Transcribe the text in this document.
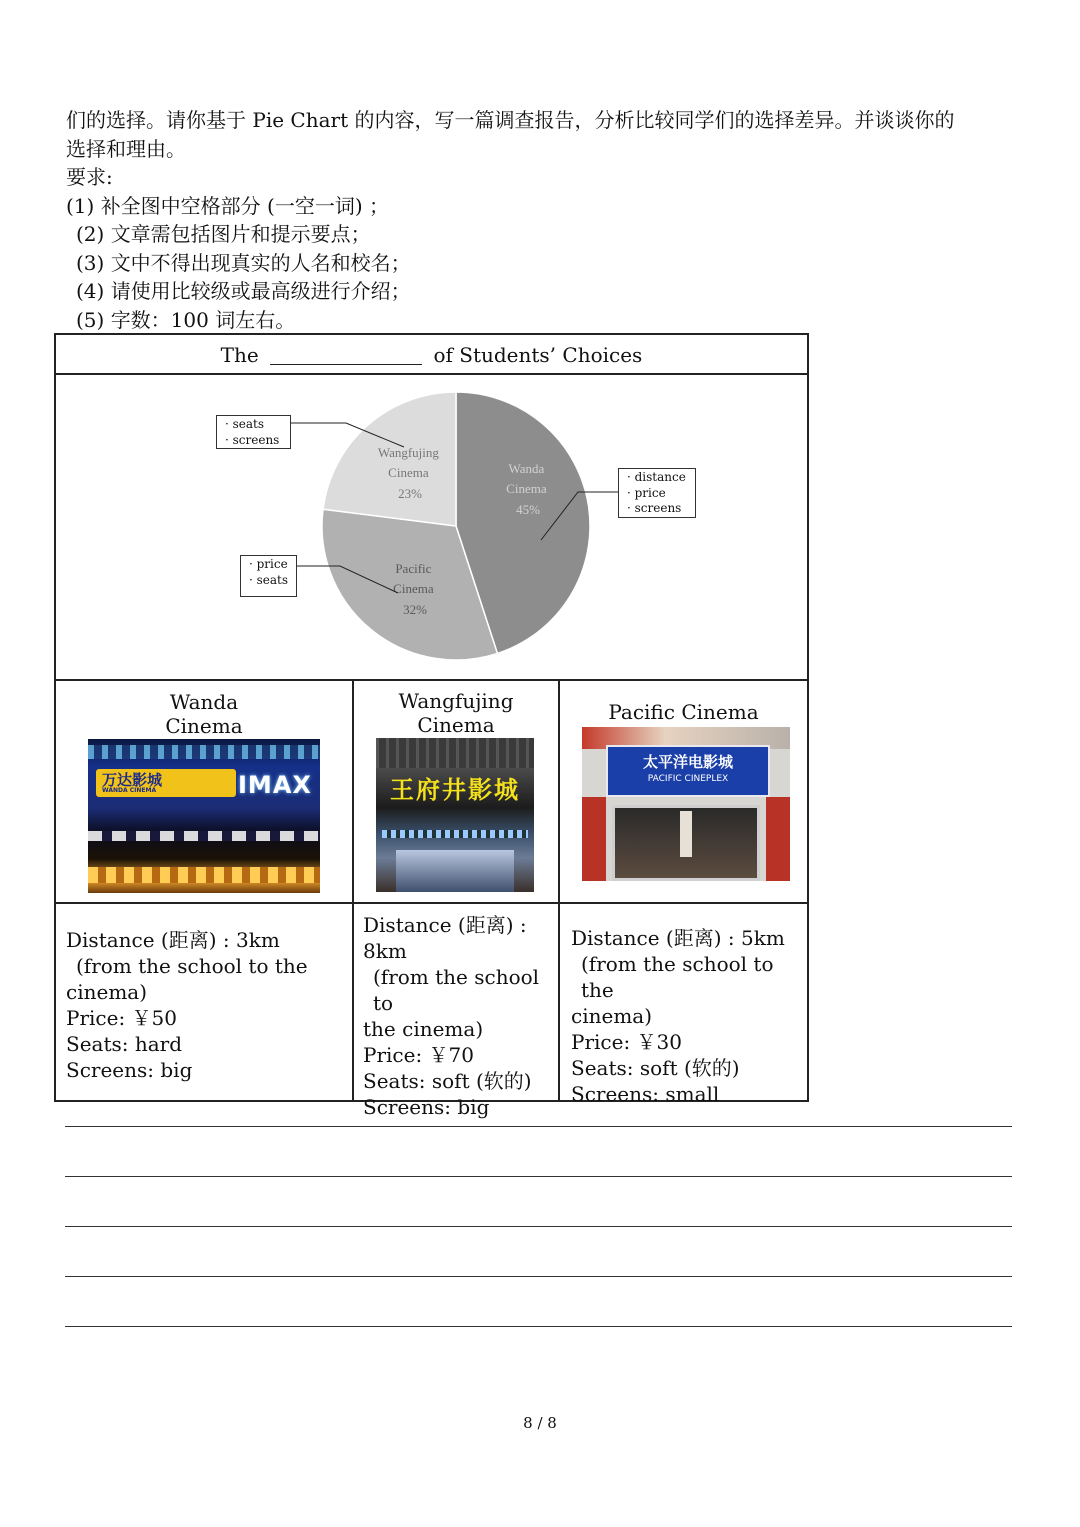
们的选择。请你基于 Pie Chart 的内容，写一篇调查报告，分析比较同学们的选择差异。并谈谈你的

选择和理由。

要求:

(1) 补全图中空格部分 (一空一词) ；

(2) 文章需包括图片和提示要点；

(3) 文中不得出现真实的人名和校名；

(4) 请使用比较级或最高级进行介绍；

(5) 字数：100 词左右。

The	of Students’ Choices
Wanda Cinema 45%
Pacific Cinema 32%
Wangfujing Cinema 23%
· seats
· screens
· distance
· price
· screens
· price
· seats
Wanda
Cinema
万达影城
WANDA CINEMA	IMAX
Wangfujing
Cinema
王府井影城
Pacific Cinema
太平洋电影城
PACIFIC CINEPLEX

Distance (距离) : 3km

(from the school to the

cinema)

Price: ￥50

Seats: hard

Screens: big

Distance (距离) :

8km

(from the school to

the cinema)

Price: ￥70

Seats: soft (软的)

Screens: big

Distance (距离) : 5km

(from the school to the

cinema)

Price: ￥30

Seats: soft (软的)

Screens: small

8 / 8
